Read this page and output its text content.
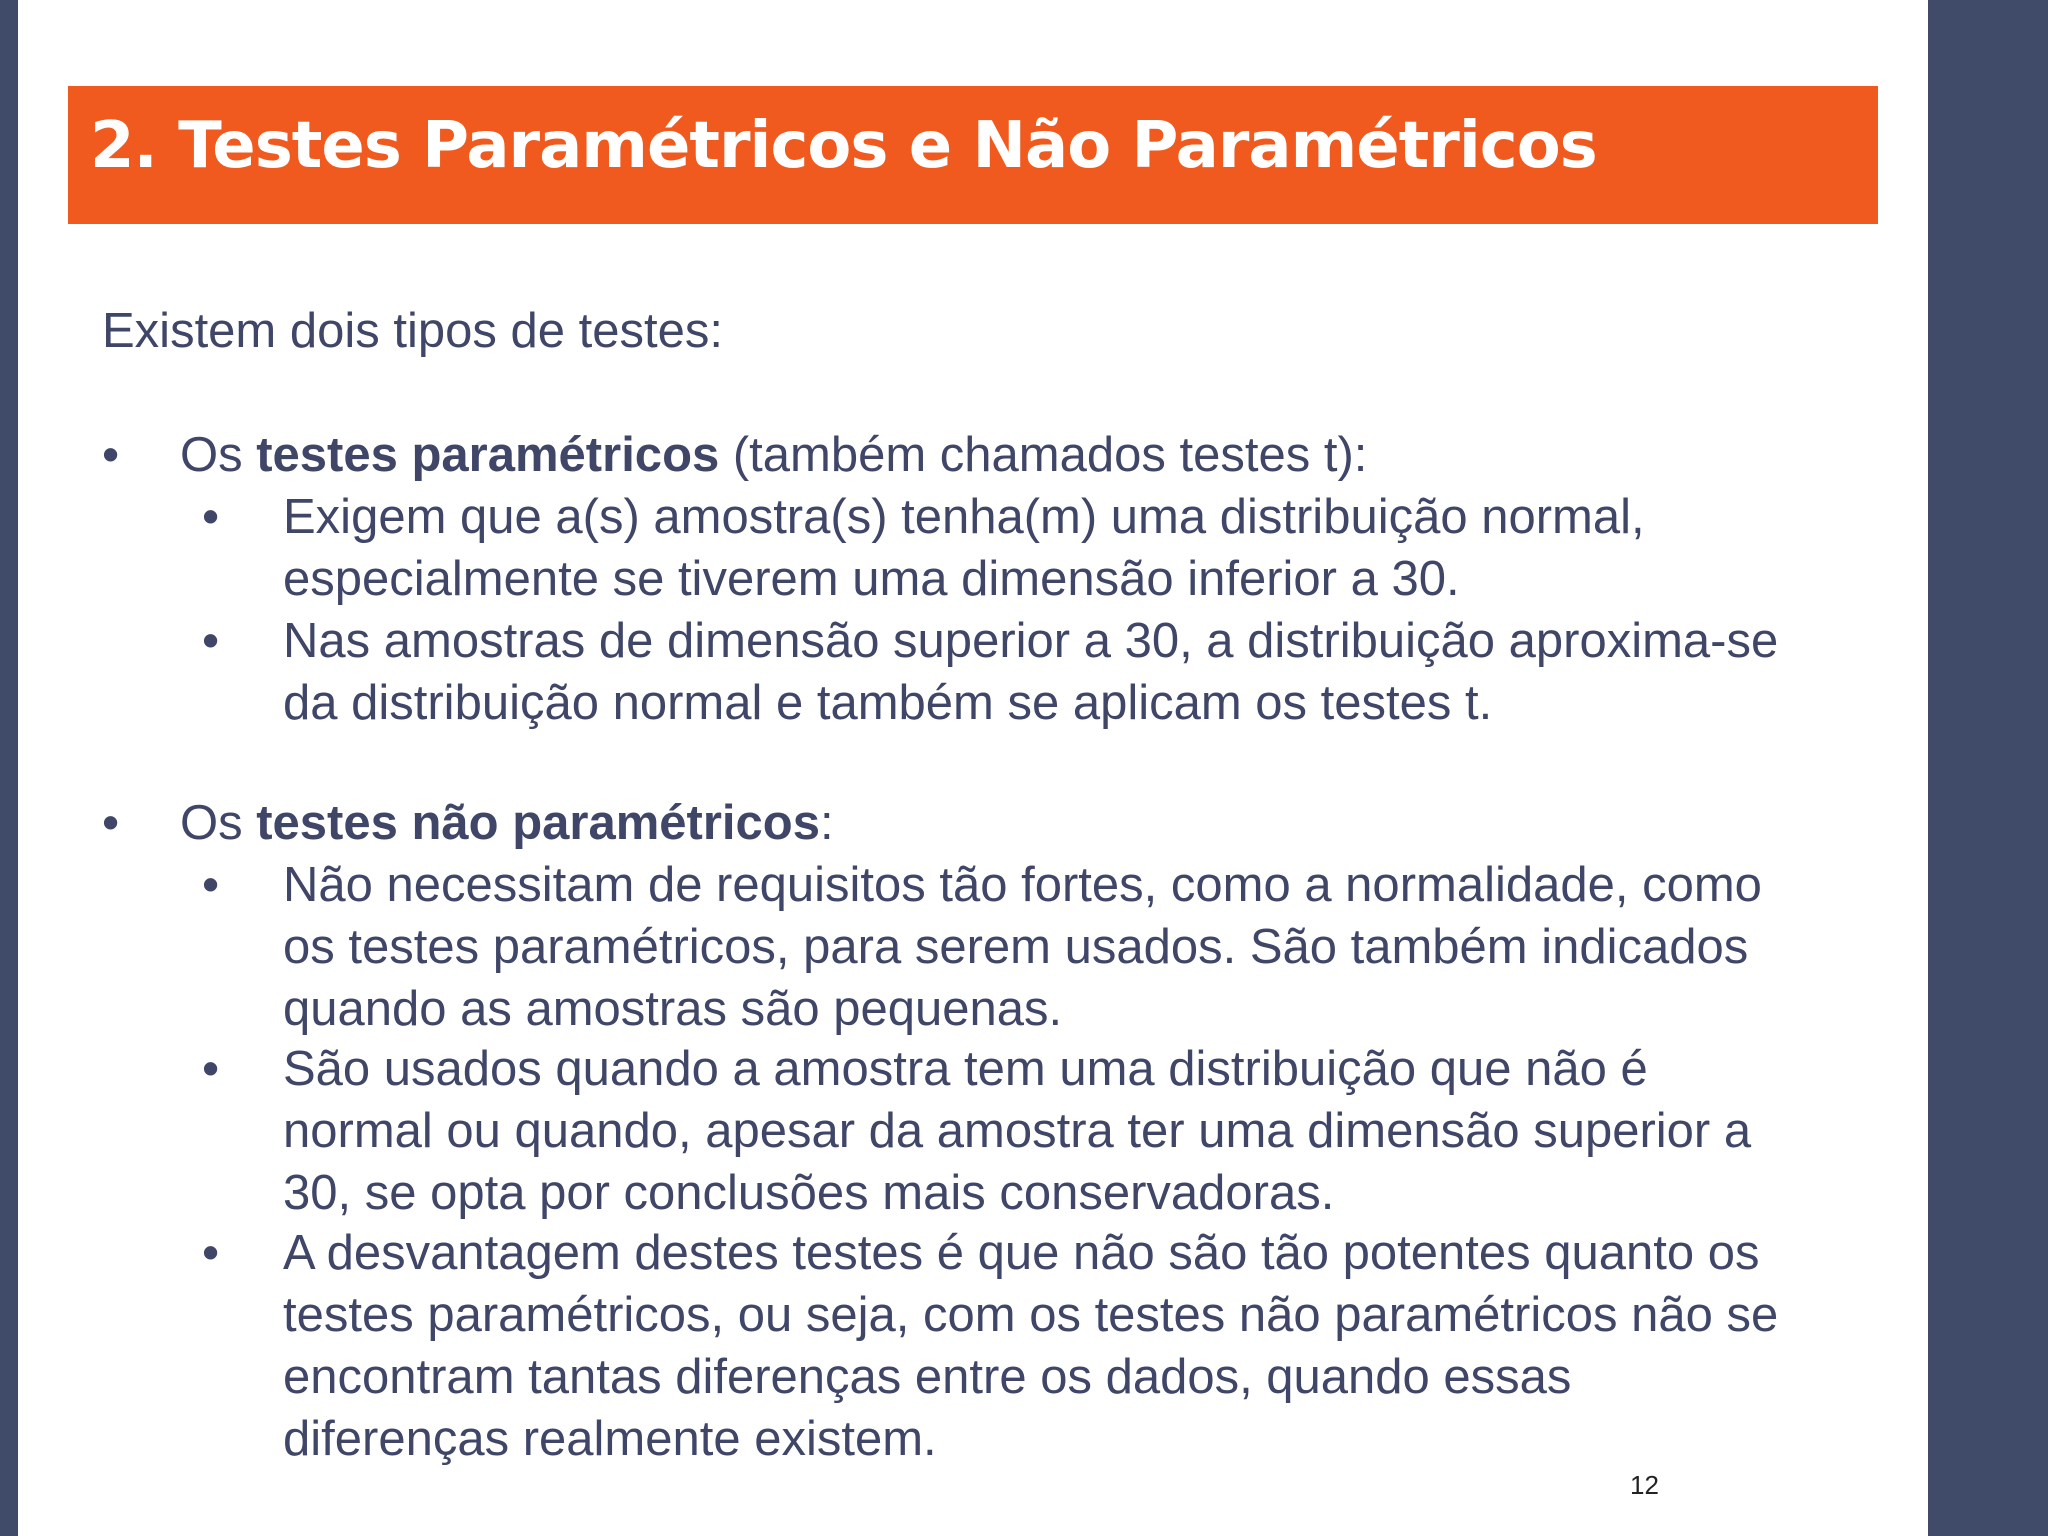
2. Testes Paramétricos e Não Paramétricos
Existem dois tipos de testes:
•	Os testes paramétricos (também chamados testes t):
•	Exigem que a(s) amostra(s) tenha(m) uma distribuição normal,
especialmente se tiverem uma dimensão inferior a 30.
•	Nas amostras de dimensão superior a 30, a distribuição aproxima-se
da distribuição normal e também se aplicam os testes t.
•	Os testes não paramétricos:
•	Não necessitam de requisitos tão fortes, como a normalidade, como
os testes paramétricos, para serem usados. São também indicados
quando as amostras são pequenas.
•	São usados quando a amostra tem uma distribuição que não é
normal ou quando, apesar da amostra ter uma dimensão superior a
30, se opta por conclusões mais conservadoras.
•	A desvantagem destes testes é que não são tão potentes quanto os
testes paramétricos, ou seja, com os testes não paramétricos não se
encontram tantas diferenças entre os dados, quando essas
diferenças realmente existem.
12
